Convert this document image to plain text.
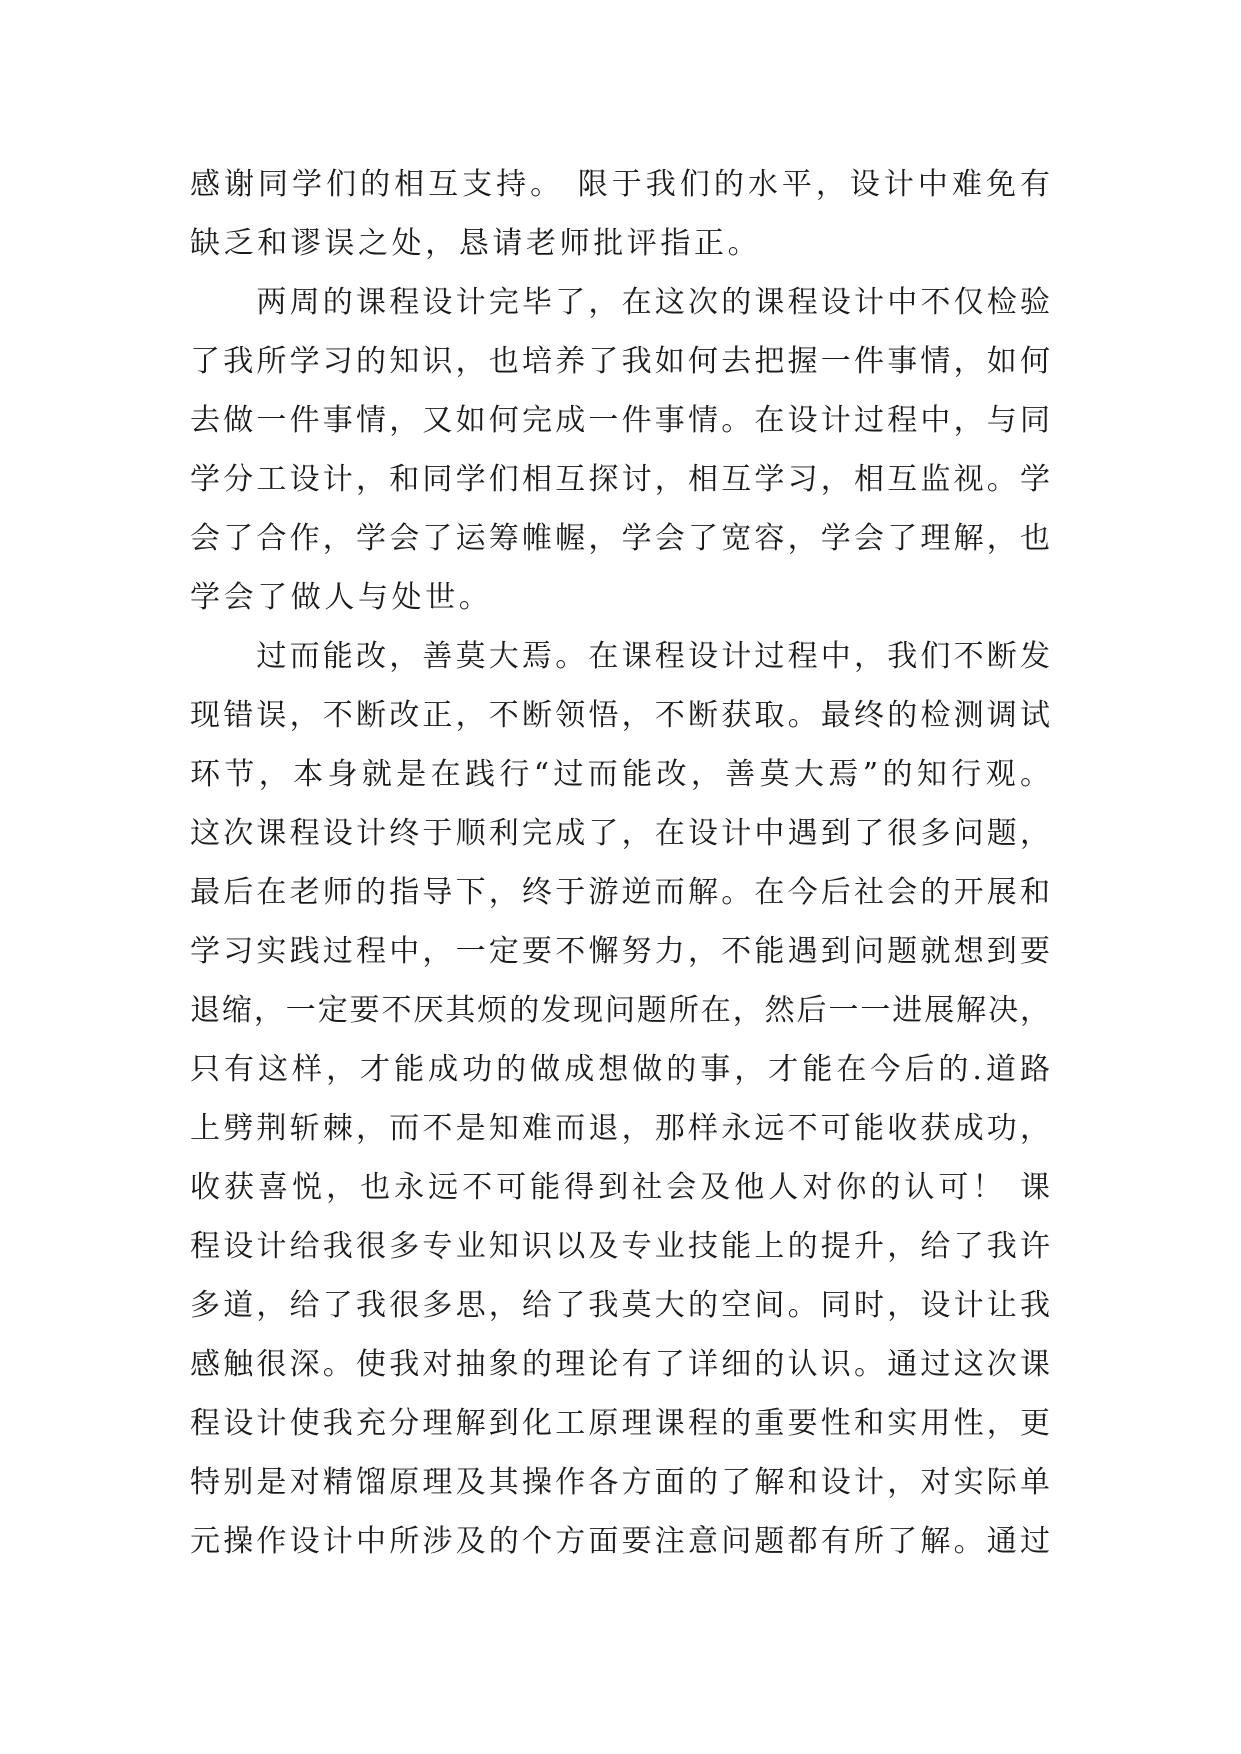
感谢同学们的相互支持。 限于我们的水平，设计中难免有
缺乏和谬误之处，恳请老师批评指正。
　　两周的课程设计完毕了，在这次的课程设计中不仅检验
了我所学习的知识，也培养了我如何去把握一件事情，如何
去做一件事情，又如何完成一件事情。在设计过程中，与同
学分工设计，和同学们相互探讨，相互学习，相互监视。学
会了合作，学会了运筹帷幄，学会了宽容，学会了理解，也
学会了做人与处世。
　　过而能改，善莫大焉。在课程设计过程中，我们不断发
现错误，不断改正，不断领悟，不断获取。最终的检测调试
环节，本身就是在践行“过而能改，善莫大焉”的知行观。
这次课程设计终于顺利完成了，在设计中遇到了很多问题，
最后在老师的指导下，终于游逆而解。在今后社会的开展和
学习实践过程中，一定要不懈努力，不能遇到问题就想到要
退缩，一定要不厌其烦的发现问题所在，然后一一进展解决，
只有这样，才能成功的做成想做的事，才能在今后的.道路
上劈荆斩棘，而不是知难而退，那样永远不可能收获成功，
收获喜悦，也永远不可能得到社会及他人对你的认可！ 课
程设计给我很多专业知识以及专业技能上的提升，给了我许
多道，给了我很多思，给了我莫大的空间。同时，设计让我
感触很深。使我对抽象的理论有了详细的认识。通过这次课
程设计使我充分理解到化工原理课程的重要性和实用性，更
特别是对精馏原理及其操作各方面的了解和设计，对实际单
元操作设计中所涉及的个方面要注意问题都有所了解。通过
